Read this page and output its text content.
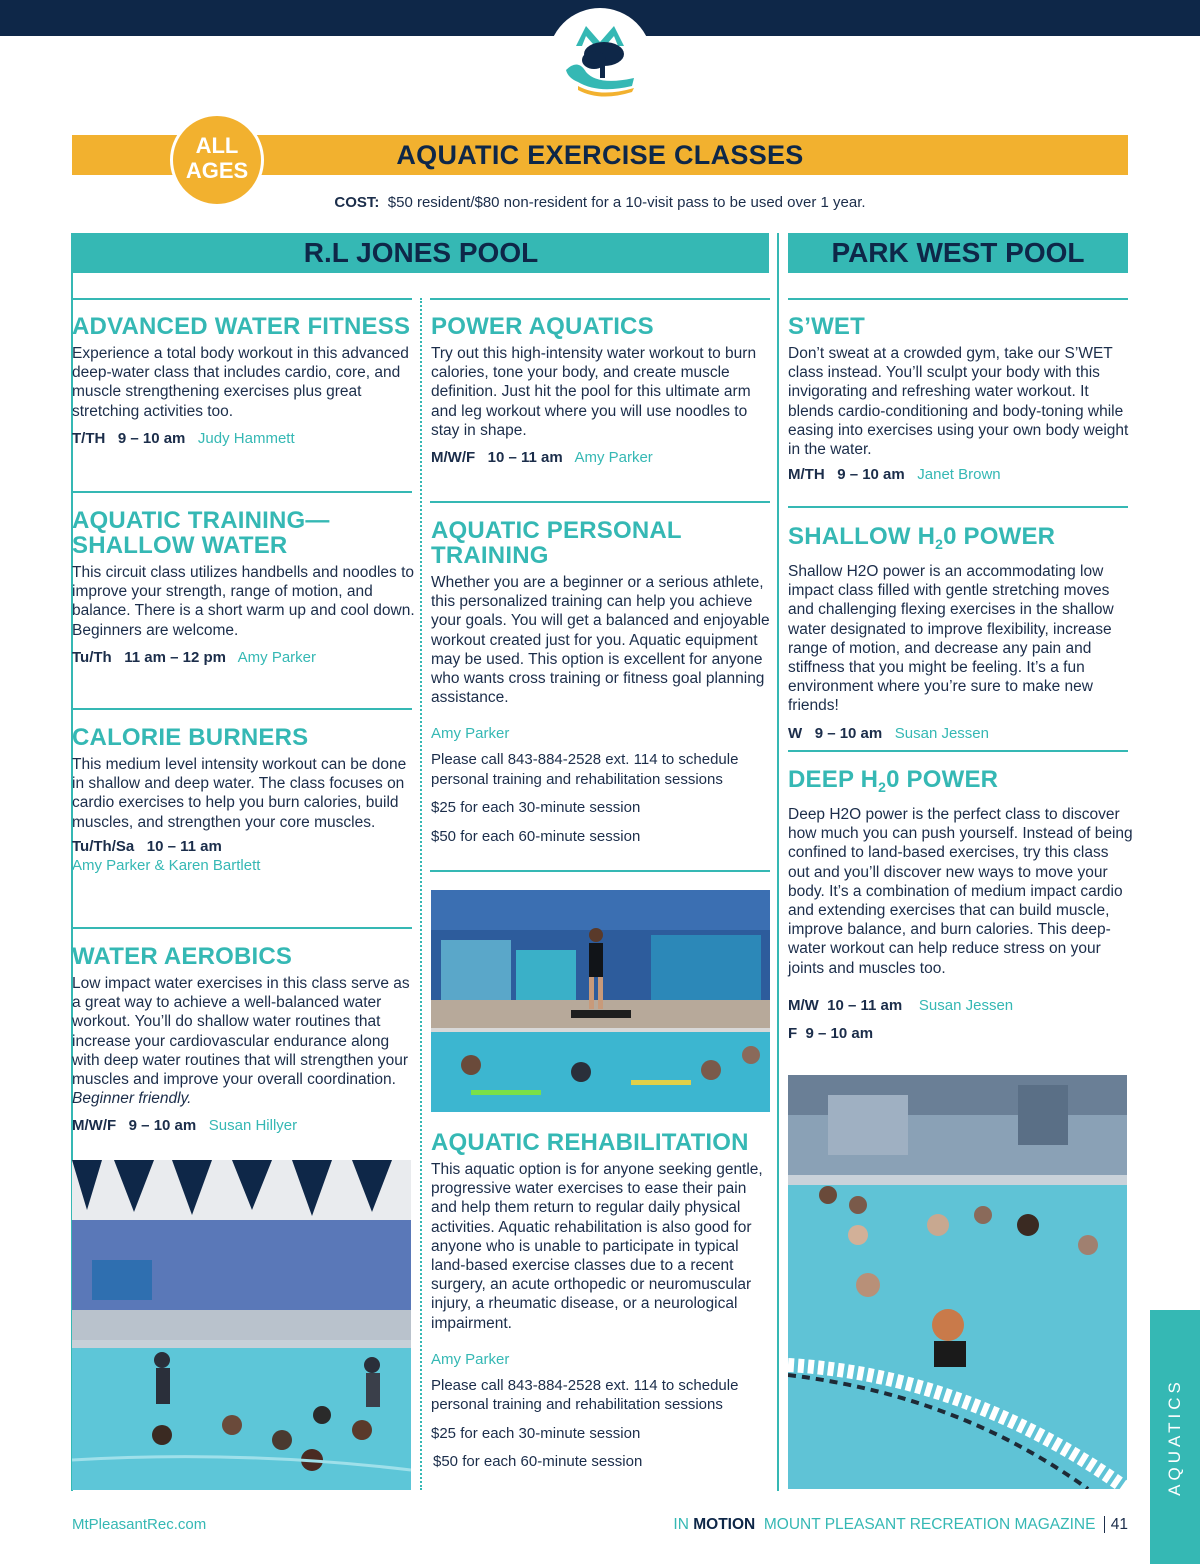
AQUATIC EXERCISE CLASSES
ALL
AGES
COST: $50 resident/$80 non-resident for a 10-visit pass to be used over 1 year.
R.L JONES POOL	PARK WEST POOL
ADVANCED WATER FITNESS
Experience a total body workout in this advanced deep-water class that includes cardio, core, and muscle strengthening exercises plus great stretching activities too.
T/TH 9 – 10 am Judy Hammett
AQUATIC TRAINING—
SHALLOW WATER
This circuit class utilizes handbells and noodles to improve your strength, range of motion, and balance. There is a short warm up and cool down. Beginners are welcome.
Tu/Th 11 am – 12 pm Amy Parker
CALORIE BURNERS
This medium level intensity workout can be done in shallow and deep water. The class focuses on cardio exercises to help you burn calories, build muscles, and strengthen your core muscles.
Tu/Th/Sa 10 – 11 am
Amy Parker & Karen Bartlett
WATER AEROBICS
Low impact water exercises in this class serve as a great way to achieve a well-balanced water workout. You’ll do shallow water routines that increase your cardiovascular endurance along with deep water routines that will strengthen your muscles and improve your overall coordination. Beginner friendly.
M/W/F 9 – 10 am Susan Hillyer
POWER AQUATICS
Try out this high-intensity water workout to burn calories, tone your body, and create muscle definition. Just hit the pool for this ultimate arm and leg workout where you will use noodles to stay in shape.
M/W/F 10 – 11 am Amy Parker
AQUATIC PERSONAL
TRAINING
Whether you are a beginner or a serious athlete, this personalized training can help you achieve your goals. You will get a balanced and enjoyable workout created just for you. Aquatic equipment may be used. This option is excellent for anyone who wants cross training or fitness goal planning assistance.
Amy Parker
Please call 843-884-2528 ext. 114 to schedule personal training and rehabilitation sessions
$25 for each 30-minute session
$50 for each 60-minute session
AQUATIC REHABILITATION
This aquatic option is for anyone seeking gentle, progressive water exercises to ease their pain and help them return to regular daily physical activities. Aquatic rehabilitation is also good for anyone who is unable to participate in typical land-based exercise classes due to a recent surgery, an acute orthopedic or neuromuscular injury, a rheumatic disease, or a neurological impairment.
Amy Parker
Please call 843-884-2528 ext. 114 to schedule personal training and rehabilitation sessions
$25 for each 30-minute session
$50 for each 60-minute session
S’WET
Don’t sweat at a crowded gym, take our S’WET class instead. You’ll sculpt your body with this invigorating and refreshing water workout. It blends cardio-conditioning and body-toning while easing into exercises using your own body weight in the water.
M/TH 9 – 10 am Janet Brown
SHALLOW $H_20$ POWER
Shallow H2O power is an accommodating low impact class filled with gentle stretching moves and challenging flexing exercises in the shallow water designated to improve flexibility, increase range of motion, and decrease any pain and stiffness that you might be feeling. It’s a fun environment where you’re sure to make new friends!
W 9 – 10 am Susan Jessen
DEEP $H_20$ POWER
Deep H2O power is the perfect class to discover how much you can push yourself. Instead of being confined to land-based exercises, try this class out and you’ll discover new ways to move your body. It’s a combination of medium impact cardio and extending exercises that can build muscle, improve balance, and burn calories. This deep-water workout can help reduce stress on your joints and muscles too.
M/W 10 – 11 am Susan Jessen
F 9 – 10 am
AQUATICS
MtPleasantRec.com	IN MOTION MOUNT PLEASANT RECREATION MAGAZINE 41
